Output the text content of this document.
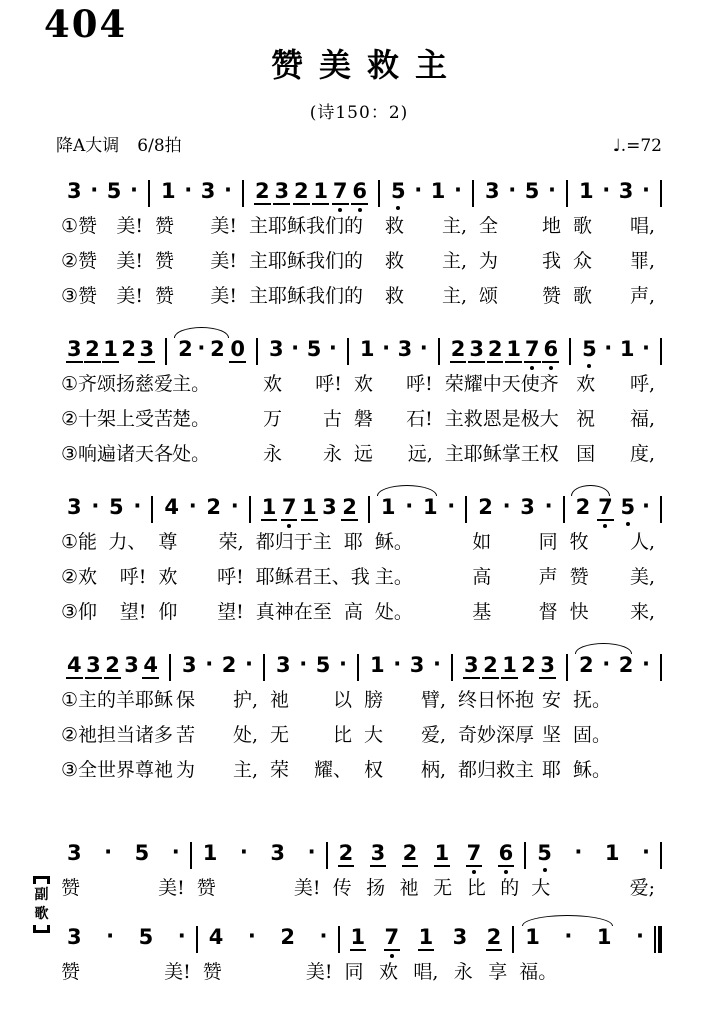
404
赞美救主
(诗150：2)
降A大调 6/8拍	♩.=72
3 · 5 ·
①赞 美!
②赞 美!
③赞 美!
1 · 3 ·
赞 美!
赞 美!
赞 美!
2 3 2 1 7 6
主耶稣我们的
主耶稣我们的
主耶稣我们的
5 · 1 ·
救 主,
救 主,
救 主,
3 · 5 ·
全 地
为 我
颂 赞
1 · 3 ·
歌 唱,
众 罪,
歌 声,
3 2 1 2 3
①齐颂扬慈 爱
②十架上受 苦
③响遍诸天 各
2 · 2 0
主。
楚。
处。
3 · 5 ·
欢 呼!
万 古
永 永
1 · 3 ·
欢 呼!
磐 石!
远 远,
2 3 2 1 7 6
荣耀中天使齐
主救恩是极大
主耶稣掌王权
5 · 1 ·
欢 呼,
祝 福,
国 度,
3 · 5 ·
①能 力、
②欢 呼!
③仰 望!
4 · 2 ·
尊 荣,
欢 呼!
仰 望!
1 7 1 3 2
都归于主 耶
耶稣君王、我
真神在至 高
1 · 1 ·
稣。
主。
处。
2 · 3 ·
如 同
高 声
基 督
2 7 5 ·
牧 人,
赞 美,
快 来,
4 3 2 3 4
①主的羊耶 稣
②祂担当诸 多
③全世界尊 祂
3 · 2 ·
保 护,
苦 处,
为 主,
3 · 5 ·
祂 以
无 比
荣 耀、
1 · 3 ·
膀 臂,
大 爱,
权 柄,
3 2 1 2 3
终日怀抱 安
奇妙深厚 坚
都归救主 耶
2 · 2 ·
抚。
固。
稣。
副
歌
3 · 5 ·
赞	美!
1 · 3 ·
赞	美!
2 3 2 1 7 6
传 扬 祂 无 比 的
5 · 1 ·
大	爱;
3 · 5 ·
赞	美!
4 · 2 ·
赞	美!
1 7 1 3 2
同 欢 唱, 永 享
1 · 1 ·
福。
